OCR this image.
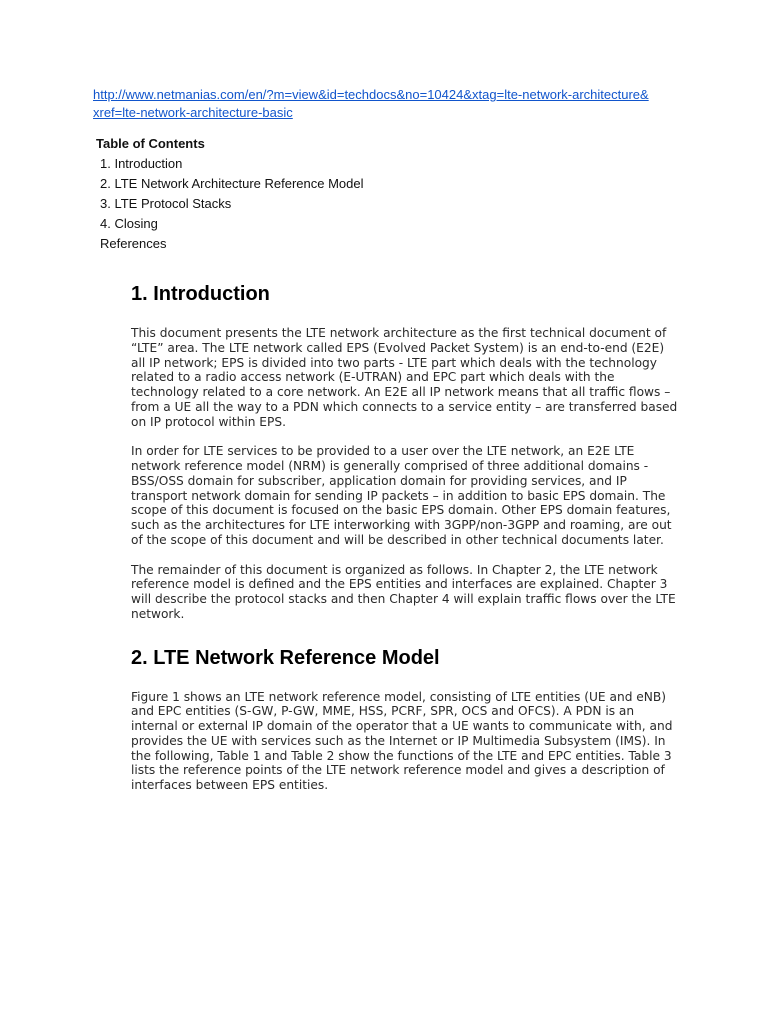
http://www.netmanias.com/en/?m=view&id=techdocs&no=10424&xtag=lte-network-architecture&xref=lte-network-architecture-basic
Table of Contents
1. Introduction
2. LTE Network Architecture Reference Model
3. LTE Protocol Stacks
4. Closing
References
1. Introduction

This document presents the LTE network architecture as the first technical document of “LTE” area. The LTE network called EPS (Evolved Packet System) is an end-to-end (E2E) all IP network; EPS is divided into two parts - LTE part which deals with the technology related to a radio access network (E-UTRAN) and EPC part which deals with the technology related to a core network. An E2E all IP network means that all traffic flows – from a UE all the way to a PDN which connects to a service entity – are transferred based on IP protocol within EPS.

In order for LTE services to be provided to a user over the LTE network, an E2E LTE network reference model (NRM) is generally comprised of three additional domains - BSS/OSS domain for subscriber, application domain for providing services, and IP transport network domain for sending IP packets – in addition to basic EPS domain. The scope of this document is focused on the basic EPS domain. Other EPS domain features, such as the architectures for LTE interworking with 3GPP/non-3GPP and roaming, are out of the scope of this document and will be described in other technical documents later.

The remainder of this document is organized as follows. In Chapter 2, the LTE network reference model is defined and the EPS entities and interfaces are explained. Chapter 3 will describe the protocol stacks and then Chapter 4 will explain traffic flows over the LTE network.

2. LTE Network Reference Model

Figure 1 shows an LTE network reference model, consisting of LTE entities (UE and eNB) and EPC entities (S-GW, P-GW, MME, HSS, PCRF, SPR, OCS and OFCS). A PDN is an internal or external IP domain of the operator that a UE wants to communicate with, and provides the UE with services such as the Internet or IP Multimedia Subsystem (IMS). In the following, Table 1 and Table 2 show the functions of the LTE and EPC entities. Table 3 lists the reference points of the LTE network reference model and gives a description of interfaces between EPS entities.
